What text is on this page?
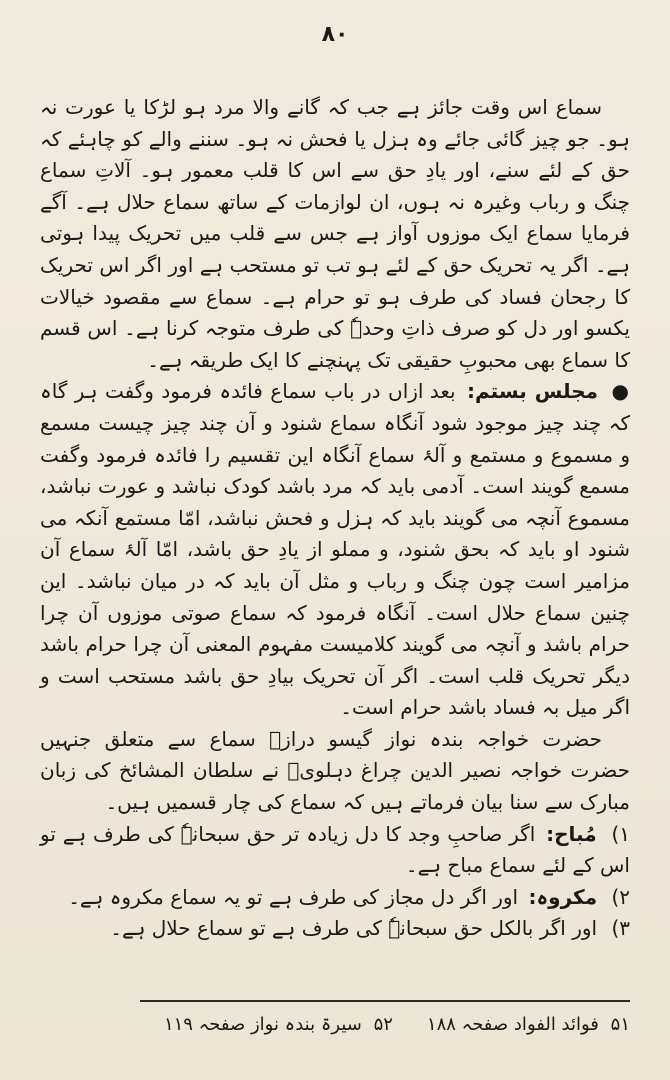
۸۰

سماع اس وقت جائز ہے جب کہ گانے والا مرد ہو لڑکا یا عورت نہ ہو۔ جو چیز گائی جائے وہ ہزل یا فحش نہ ہو۔ سننے والے کو چاہئے کہ حق کے لئے سنے، اور یادِ حق سے اس کا قلب معمور ہو۔ آلاتِ سماع چنگ و رباب وغیرہ نہ ہوں، ان لوازمات کے ساتھ سماع حلال ہے۔ آگے فرمایا سماع ایک موزوں آواز ہے جس سے قلب میں تحریک پیدا ہوتی ہے۔ اگر یہ تحریک حق کے لئے ہو تب تو مستحب ہے اور اگر اس تحریک کا رجحان فساد کی طرف ہو تو حرام ہے۔ سماع سے مقصود خیالات یکسو اور دل کو صرف ذاتِ وحدہٗ کی طرف متوجہ کرنا ہے۔ اس قسم کا سماع بھی محبوبِ حقیقی تک پہنچنے کا ایک طریقہ ہے۔

● مجلس بستم: بعد ازاں در باب سماع فائدہ فرمود وگفت ہر گاہ کہ چند چیز موجود شود آنگاہ سماع شنود و آن چند چیز چیست مسمع و مسموع و مستمع و آلۂ سماع آنگاہ این تقسیم را فائدہ فرمود وگفت مسمع گویند است۔ آدمی باید کہ مرد باشد کودک نباشد و عورت نباشد، مسموع آنچہ می گویند باید کہ ہزل و فحش نباشد، امّا مستمع آنکہ می شنود او باید کہ بحق شنود، و مملو از یادِ حق باشد، امّا آلۂ سماع آن مزامیر است چون چنگ و رباب و مثل آن باید کہ در میان نباشد۔ این چنین سماع حلال است۔ آنگاہ فرمود کہ سماع صوتی موزوں آن چرا حرام باشد و آنچہ می گویند کلامیست مفہوم المعنی آن چرا حرام باشد دیگر تحریک قلب است۔ اگر آن تحریک بیادِ حق باشد مستحب است و اگر میل بہ فساد باشد حرام است۔

حضرت خواجہ بندہ نواز گیسو درازؒ سماع سے متعلق جنہیں حضرت خواجہ نصیر الدین چراغ دہلویؒ نے سلطان المشائخ کی زبان مبارک سے سنا بیان فرماتے ہیں کہ سماع کی چار قسمیں ہیں۔

۱) مُباح: اگر صاحبِ وجد کا دل زیادہ تر حق سبحانہٗ کی طرف ہے تو اس کے لئے سماع مباح ہے۔
۲) مکروہ: اور اگر دل مجاز کی طرف ہے تو یہ سماع مکروہ ہے۔
۳) اور اگر بالکل حق سبحانہٗ کی طرف ہے تو سماع حلال ہے۔
۵۱ فوائد الفواد صفحہ ۱۸۸
۵۲ سیرۃ بندہ نواز صفحہ ۱۱۹
